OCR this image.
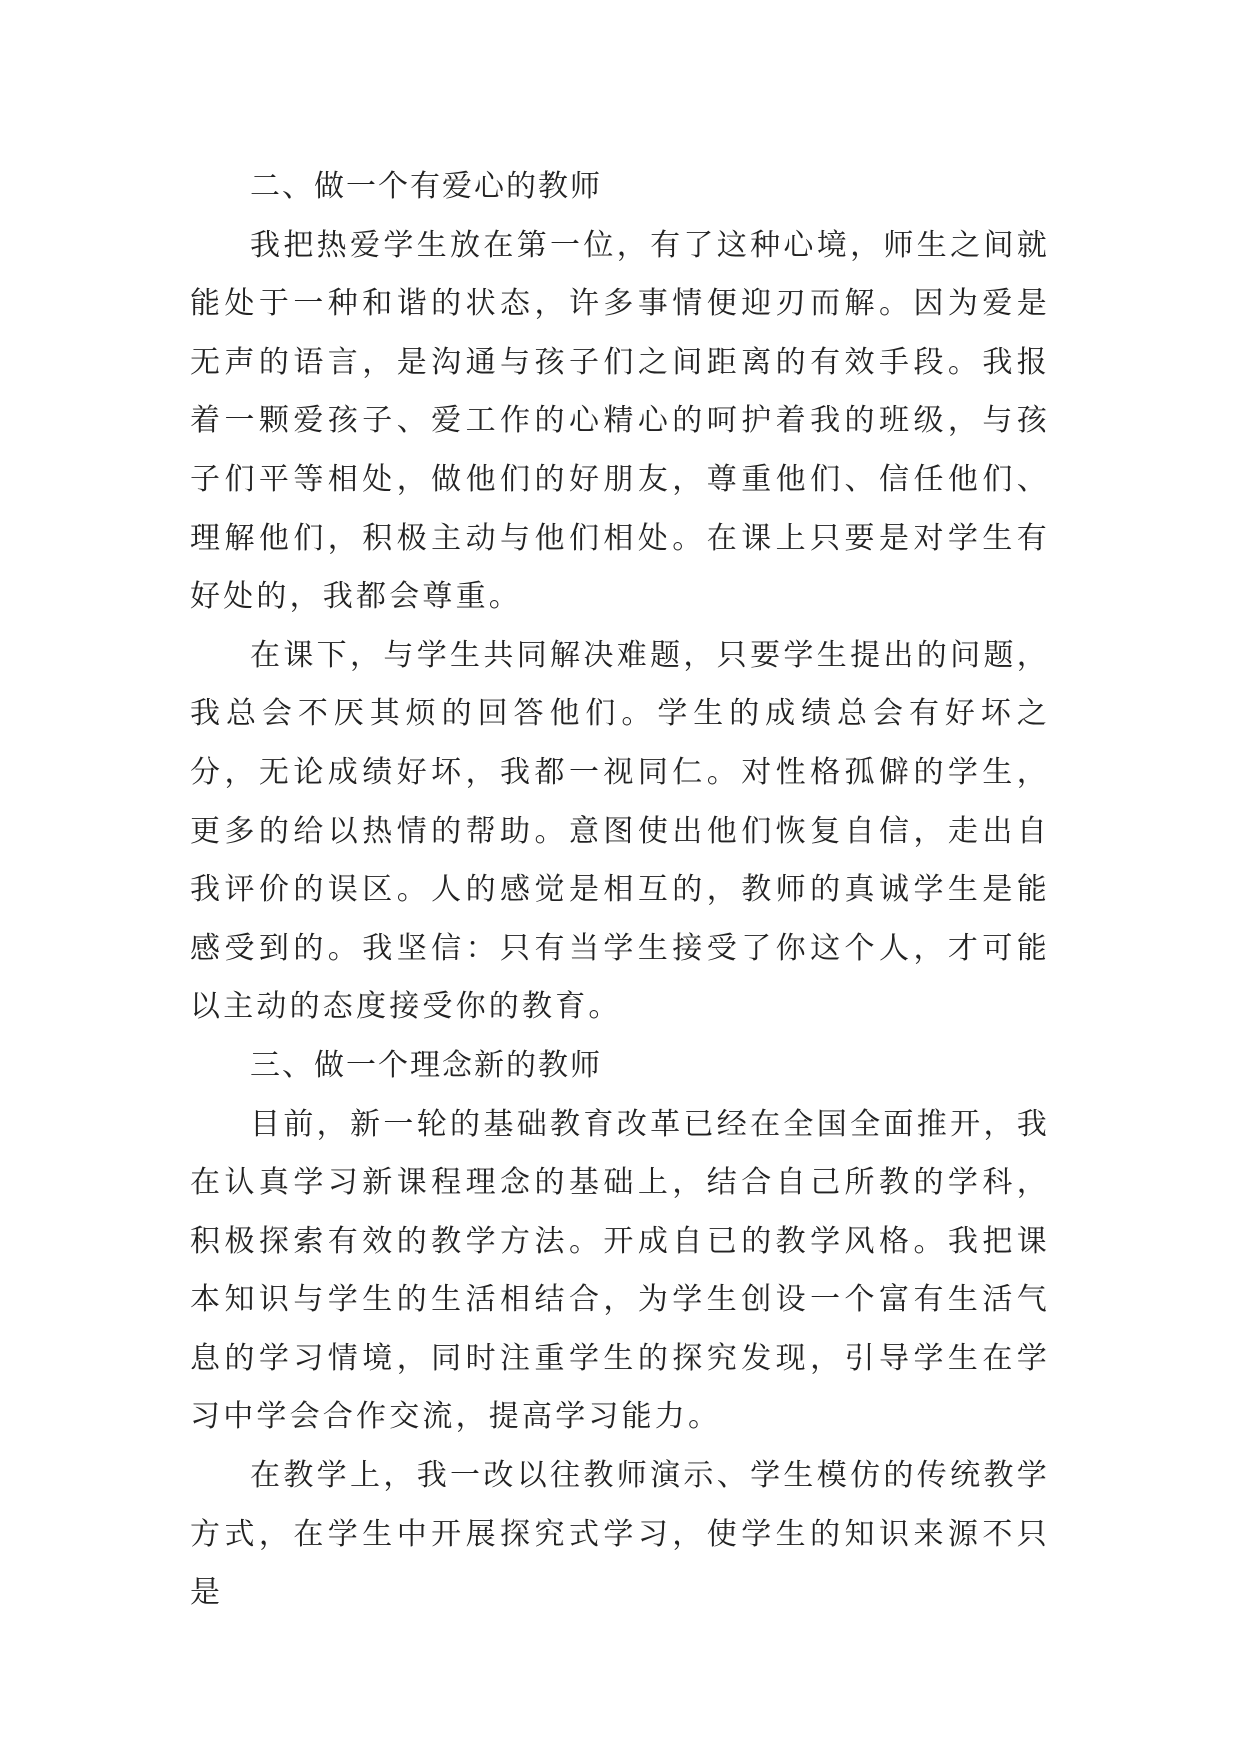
二、做一个有爱心的教师

我把热爱学生放在第一位，有了这种心境，师生之间就能处于一种和谐的状态，许多事情便迎刃而解。因为爱是无声的语言，是沟通与孩子们之间距离的有效手段。我报着一颗爱孩子、爱工作的心精心的呵护着我的班级，与孩子们平等相处，做他们的好朋友，尊重他们、信任他们、理解他们，积极主动与他们相处。在课上只要是对学生有好处的，我都会尊重。

在课下，与学生共同解决难题，只要学生提出的问题，我总会不厌其烦的回答他们。学生的成绩总会有好坏之分，无论成绩好坏，我都一视同仁。对性格孤僻的学生，更多的给以热情的帮助。意图使出他们恢复自信，走出自我评价的误区。人的感觉是相互的，教师的真诚学生是能感受到的。我坚信：只有当学生接受了你这个人，才可能以主动的态度接受你的教育。

三、做一个理念新的教师

目前，新一轮的基础教育改革已经在全国全面推开，我在认真学习新课程理念的基础上，结合自己所教的学科，积极探索有效的教学方法。开成自已的教学风格。我把课本知识与学生的生活相结合，为学生创设一个富有生活气息的学习情境，同时注重学生的探究发现，引导学生在学习中学会合作交流，提高学习能力。

在教学上，我一改以往教师演示、学生模仿的传统教学方式，在学生中开展探究式学习，使学生的知识来源不只是
